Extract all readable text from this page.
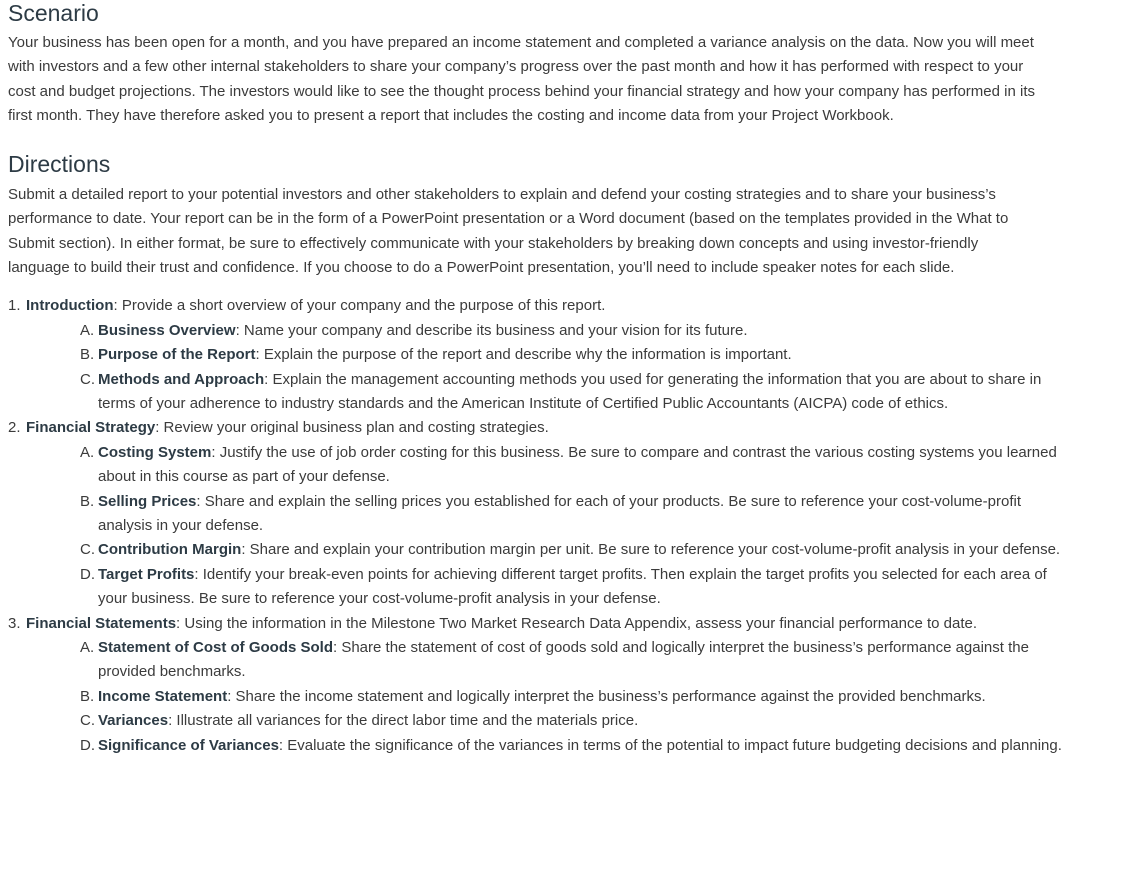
Scenario

Your business has been open for a month, and you have prepared an income statement and completed a variance analysis on the data. Now you will meet with investors and a few other internal stakeholders to share your company’s progress over the past month and how it has performed with respect to your cost and budget projections. The investors would like to see the thought process behind your financial strategy and how your company has performed in its first month. They have therefore asked you to present a report that includes the costing and income data from your Project Workbook.

Directions

Submit a detailed report to your potential investors and other stakeholders to explain and defend your costing strategies and to share your business’s performance to date. Your report can be in the form of a PowerPoint presentation or a Word document (based on the templates provided in the What to Submit section). In either format, be sure to effectively communicate with your stakeholders by breaking down concepts and using investor-friendly language to build their trust and confidence. If you choose to do a PowerPoint presentation, you’ll need to include speaker notes for each slide.

1. Introduction: Provide a short overview of your company and the purpose of this report.
A. Business Overview: Name your company and describe its business and your vision for its future.
B. Purpose of the Report: Explain the purpose of the report and describe why the information is important.
C. Methods and Approach: Explain the management accounting methods you used for generating the information that you are about to share in terms of your adherence to industry standards and the American Institute of Certified Public Accountants (AICPA) code of ethics.
2. Financial Strategy: Review your original business plan and costing strategies.
A. Costing System: Justify the use of job order costing for this business. Be sure to compare and contrast the various costing systems you learned about in this course as part of your defense.
B. Selling Prices: Share and explain the selling prices you established for each of your products. Be sure to reference your cost-volume-profit analysis in your defense.
C. Contribution Margin: Share and explain your contribution margin per unit. Be sure to reference your cost-volume-profit analysis in your defense.
D. Target Profits: Identify your break-even points for achieving different target profits. Then explain the target profits you selected for each area of your business. Be sure to reference your cost-volume-profit analysis in your defense.
3. Financial Statements: Using the information in the Milestone Two Market Research Data Appendix, assess your financial performance to date.
A. Statement of Cost of Goods Sold: Share the statement of cost of goods sold and logically interpret the business’s performance against the provided benchmarks.
B. Income Statement: Share the income statement and logically interpret the business’s performance against the provided benchmarks.
C. Variances: Illustrate all variances for the direct labor time and the materials price.
D. Significance of Variances: Evaluate the significance of the variances in terms of the potential to impact future budgeting decisions and planning.
